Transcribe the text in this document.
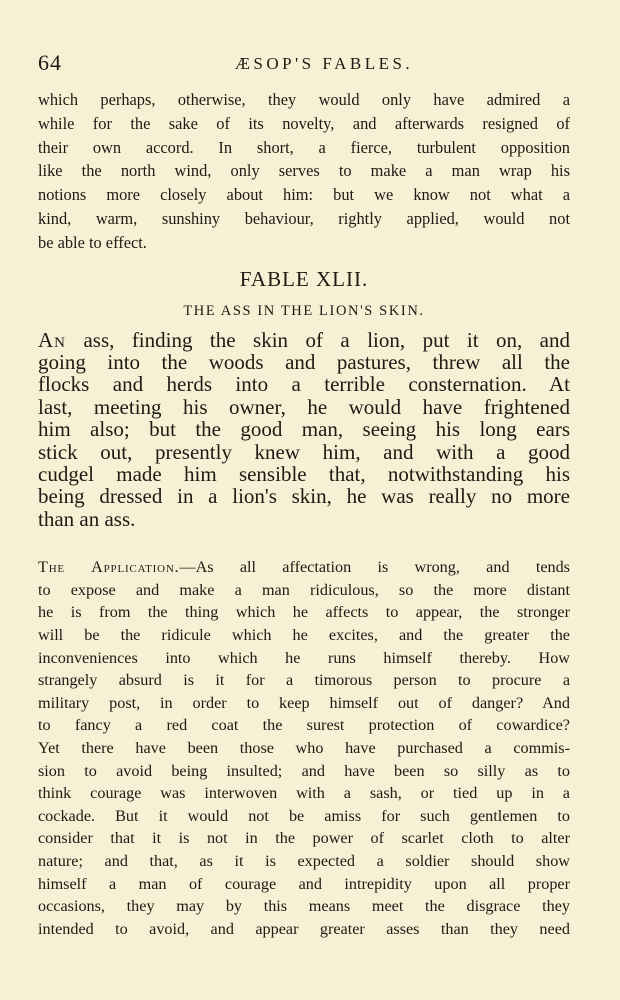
64	ÆSOP'S FABLES.
which perhaps, otherwise, they would only have admired a
while for the sake of its novelty, and afterwards resigned of
their own accord. In short, a fierce, turbulent opposition
like the north wind, only serves to make a man wrap his
notions more closely about him: but we know not what a
kind, warm, sunshiny behaviour, rightly applied, would not
be able to effect.
FABLE XLII.
THE ASS IN THE LION'S SKIN.
An ass, finding the skin of a lion, put it on, and
going into the woods and pastures, threw all the
flocks and herds into a terrible consternation. At
last, meeting his owner, he would have frightened
him also; but the good man, seeing his long ears
stick out, presently knew him, and with a good
cudgel made him sensible that, notwithstanding his
being dressed in a lion's skin, he was really no more
than an ass.
The Application.—As all affectation is wrong, and tends
to expose and make a man ridiculous, so the more distant
he is from the thing which he affects to appear, the stronger
will be the ridicule which he excites, and the greater the
inconveniences into which he runs himself thereby. How
strangely absurd is it for a timorous person to procure a
military post, in order to keep himself out of danger? And
to fancy a red coat the surest protection of cowardice?
Yet there have been those who have purchased a commis-
sion to avoid being insulted; and have been so silly as to
think courage was interwoven with a sash, or tied up in a
cockade. But it would not be amiss for such gentlemen to
consider that it is not in the power of scarlet cloth to alter
nature; and that, as it is expected a soldier should show
himself a man of courage and intrepidity upon all proper
occasions, they may by this means meet the disgrace they
intended to avoid, and appear greater asses than they need
